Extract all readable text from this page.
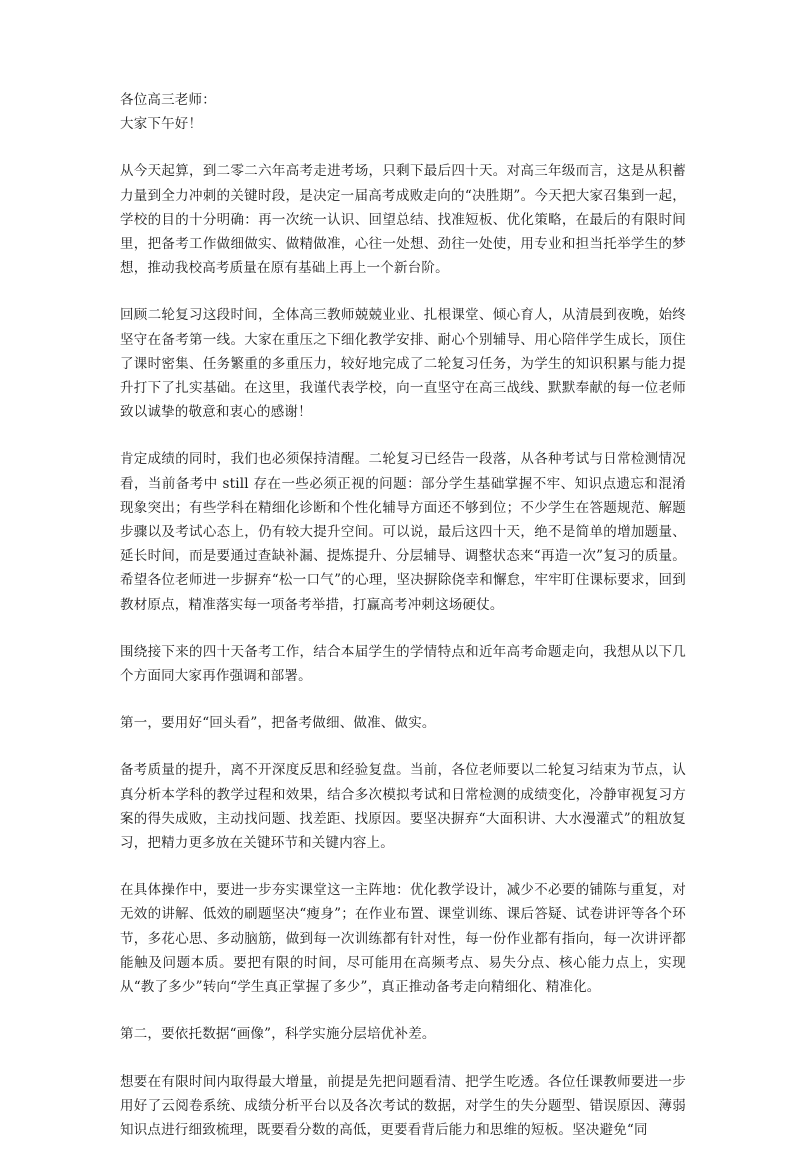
各位高三老师：

大家下午好！

从今天起算，到二零二六年高考走进考场，只剩下最后四十天。对高三年级而言，这是从积蓄力量到全力冲刺的关键时段，是决定一届高考成败走向的“决胜期”。今天把大家召集到一起，学校的目的十分明确：再一次统一认识、回望总结、找准短板、优化策略，在最后的有限时间里，把备考工作做细做实、做精做准，心往一处想、劲往一处使，用专业和担当托举学生的梦想，推动我校高考质量在原有基础上再上一个新台阶。

回顾二轮复习这段时间，全体高三教师兢兢业业、扎根课堂、倾心育人，从清晨到夜晚，始终坚守在备考第一线。大家在重压之下细化教学安排、耐心个别辅导、用心陪伴学生成长，顶住了课时密集、任务繁重的多重压力，较好地完成了二轮复习任务，为学生的知识积累与能力提升打下了扎实基础。在这里，我谨代表学校，向一直坚守在高三战线、默默奉献的每一位老师致以诚挚的敬意和衷心的感谢！

肯定成绩的同时，我们也必须保持清醒。二轮复习已经告一段落，从各种考试与日常检测情况看，当前备考中 still 存在一些必须正视的问题：部分学生基础掌握不牢、知识点遗忘和混淆现象突出；有些学科在精细化诊断和个性化辅导方面还不够到位；不少学生在答题规范、解题步骤以及考试心态上，仍有较大提升空间。可以说，最后这四十天，绝不是简单的增加题量、延长时间，而是要通过查缺补漏、提炼提升、分层辅导、调整状态来“再造一次”复习的质量。希望各位老师进一步摒弃“松一口气”的心理，坚决摒除侥幸和懈怠，牢牢盯住课标要求，回到教材原点，精准落实每一项备考举措，打赢高考冲刺这场硬仗。

围绕接下来的四十天备考工作，结合本届学生的学情特点和近年高考命题走向，我想从以下几个方面同大家再作强调和部署。

第一，要用好“回头看”，把备考做细、做准、做实。

备考质量的提升，离不开深度反思和经验复盘。当前，各位老师要以二轮复习结束为节点，认真分析本学科的教学过程和效果，结合多次模拟考试和日常检测的成绩变化，冷静审视复习方案的得失成败，主动找问题、找差距、找原因。要坚决摒弃“大面积讲、大水漫灌式”的粗放复习，把精力更多放在关键环节和关键内容上。

在具体操作中，要进一步夯实课堂这一主阵地：优化教学设计，减少不必要的铺陈与重复，对无效的讲解、低效的刷题坚决“瘦身”；在作业布置、课堂训练、课后答疑、试卷讲评等各个环节，多花心思、多动脑筋，做到每一次训练都有针对性，每一份作业都有指向，每一次讲评都能触及问题本质。要把有限的时间，尽可能用在高频考点、易失分点、核心能力点上，实现从“教了多少”转向“学生真正掌握了多少”，真正推动备考走向精细化、精准化。

第二，要依托数据“画像”，科学实施分层培优补差。

想要在有限时间内取得最大增量，前提是先把问题看清、把学生吃透。各位任课教师要进一步用好了云阅卷系统、成绩分析平台以及各次考试的数据，对学生的失分题型、错误原因、薄弱知识点进行细致梳理，既要看分数的高低，更要看背后能力和思维的短板。坚决避免“同
